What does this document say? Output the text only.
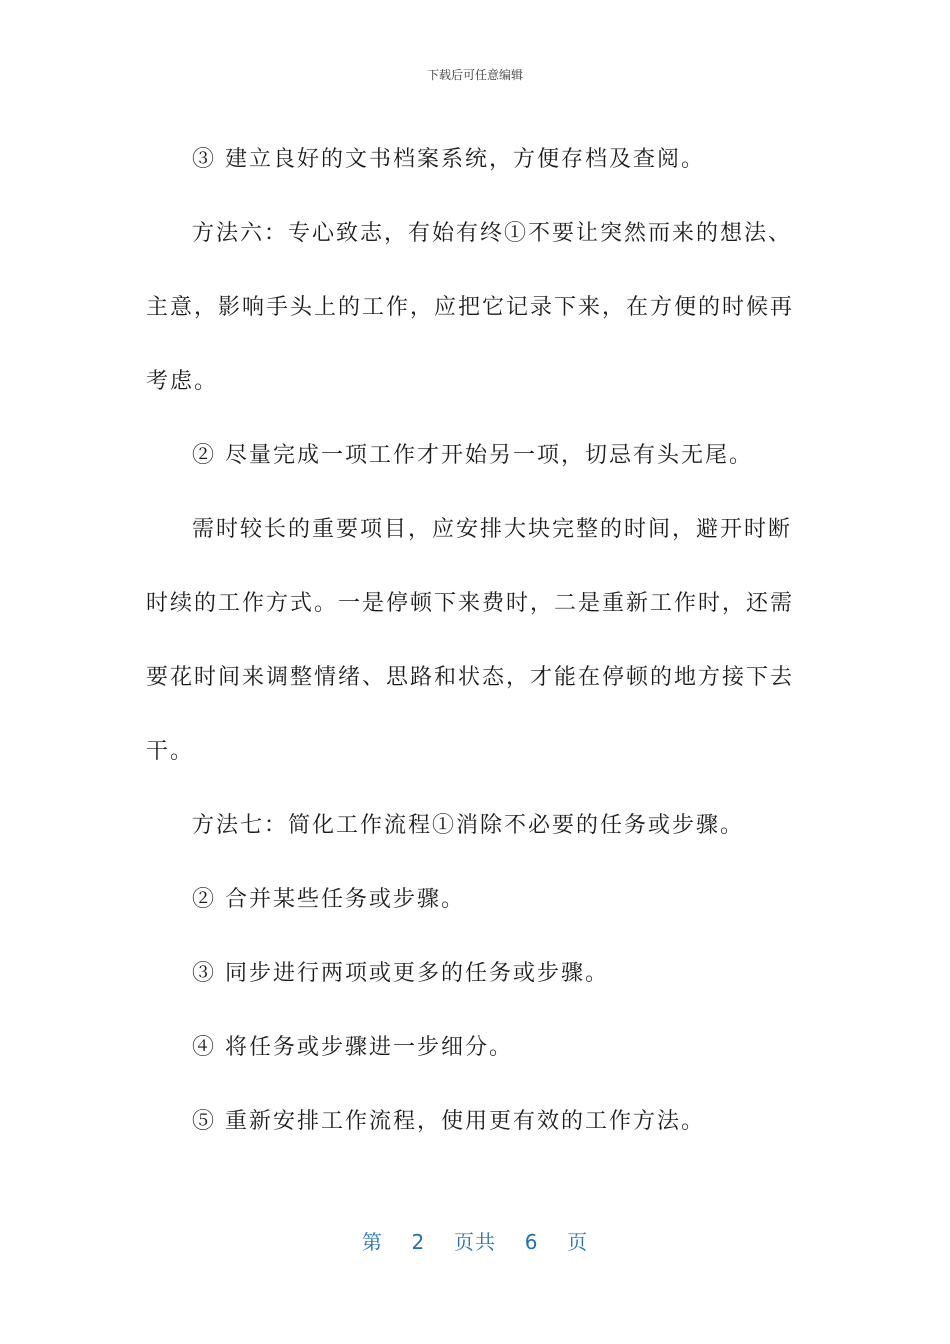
下载后可任意编辑

③ 建立良好的文书档案系统，方便存档及查阅。

方法六：专心致志，有始有终①不要让突然而来的想法、主意，影响手头上的工作，应把它记录下来，在方便的时候再考虑。

② 尽量完成一项工作才开始另一项，切忌有头无尾。

需时较长的重要项目，应安排大块完整的时间，避开时断时续的工作方式。一是停顿下来费时，二是重新工作时，还需要花时间来调整情绪、思路和状态，才能在停顿的地方接下去干。

方法七：简化工作流程①消除不必要的任务或步骤。

② 合并某些任务或步骤。

③ 同步进行两项或更多的任务或步骤。

④ 将任务或步骤进一步细分。

⑤ 重新安排工作流程，使用更有效的工作方法。

第 2 页共 6 页
